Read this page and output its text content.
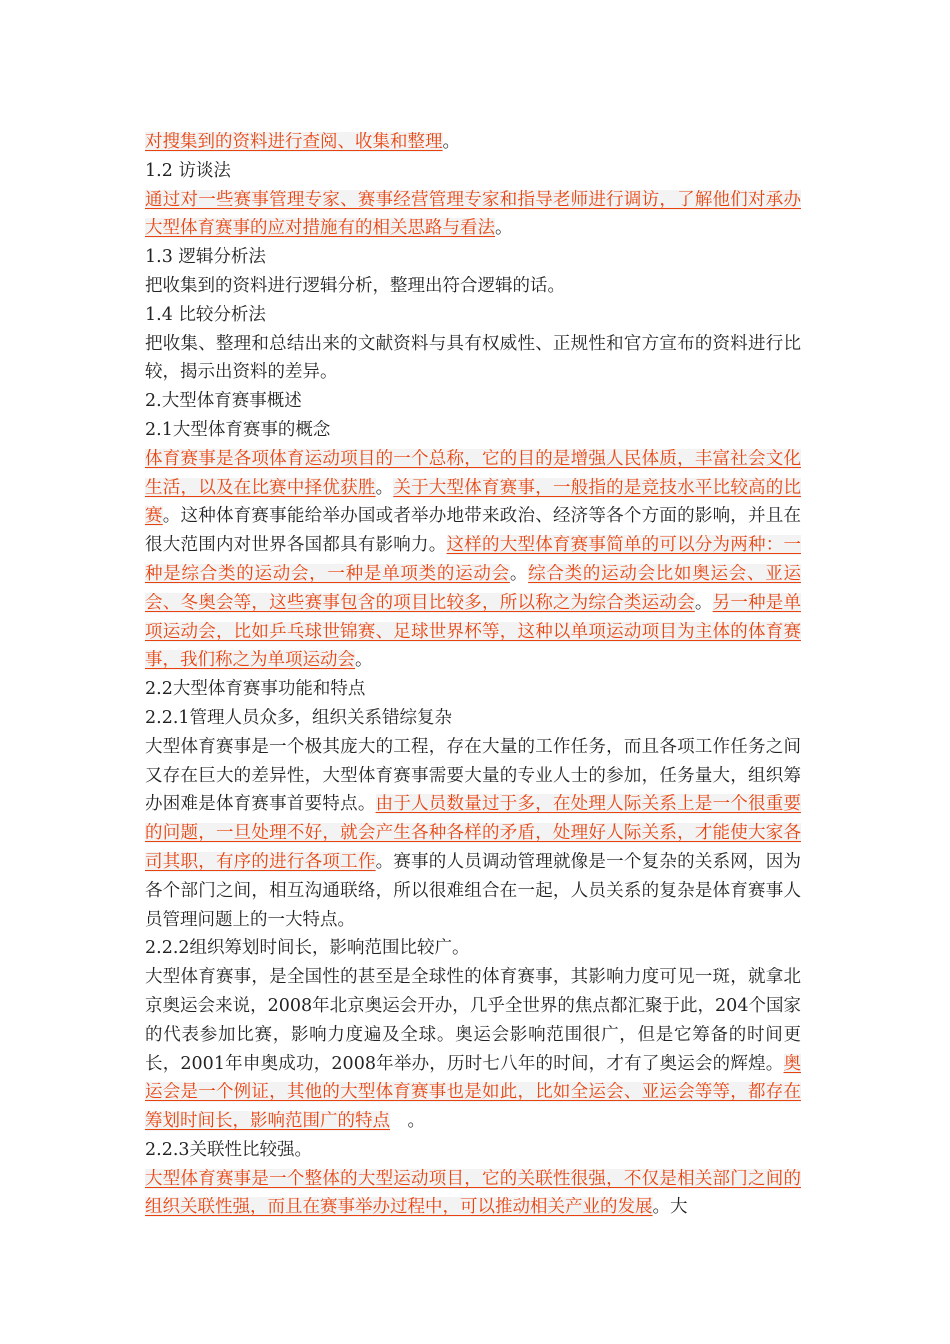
对搜集到的资料进行查阅、收集和整理。

1.2 访谈法

通过对一些赛事管理专家、赛事经营管理专家和指导老师进行调访，了解他们对承办大型体育赛事的应对措施有的相关思路与看法。

1.3 逻辑分析法

把收集到的资料进行逻辑分析，整理出符合逻辑的话。

1.4 比较分析法

把收集、整理和总结出来的文献资料与具有权威性、正规性和官方宣布的资料进行比较，揭示出资料的差异。

2.大型体育赛事概述

2.1大型体育赛事的概念

体育赛事是各项体育运动项目的一个总称，它的目的是增强人民体质，丰富社会文化生活，以及在比赛中择优获胜。关于大型体育赛事，一般指的是竞技水平比较高的比赛。这种体育赛事能给举办国或者举办地带来政治、经济等各个方面的影响，并且在很大范围内对世界各国都具有影响力。这样的大型体育赛事简单的可以分为两种：一种是综合类的运动会，一种是单项类的运动会。综合类的运动会比如奥运会、亚运会、冬奥会等，这些赛事包含的项目比较多，所以称之为综合类运动会。另一种是单项运动会，比如乒乓球世锦赛、足球世界杯等，这种以单项运动项目为主体的体育赛事，我们称之为单项运动会。

2.2大型体育赛事功能和特点

2.2.1管理人员众多，组织关系错综复杂

大型体育赛事是一个极其庞大的工程，存在大量的工作任务，而且各项工作任务之间又存在巨大的差异性，大型体育赛事需要大量的专业人士的参加，任务量大，组织筹办困难是体育赛事首要特点。由于人员数量过于多，在处理人际关系上是一个很重要的问题，一旦处理不好，就会产生各种各样的矛盾，处理好人际关系，才能使大家各司其职，有序的进行各项工作。赛事的人员调动管理就像是一个复杂的关系网，因为各个部门之间，相互沟通联络，所以很难组合在一起，人员关系的复杂是体育赛事人员管理问题上的一大特点。

2.2.2组织筹划时间长，影响范围比较广。

大型体育赛事，是全国性的甚至是全球性的体育赛事，其影响力度可见一斑，就拿北京奥运会来说，2008年北京奥运会开办，几乎全世界的焦点都汇聚于此，204个国家的代表参加比赛，影响力度遍及全球。奥运会影响范围很广，但是它筹备的时间更长，2001年申奥成功，2008年举办，历时七八年的时间，才有了奥运会的辉煌。奥运会是一个例证，其他的大型体育赛事也是如此，比如全运会、亚运会等等，都存在筹划时间长，影响范围广的特点　。

2.2.3关联性比较强。

大型体育赛事是一个整体的大型运动项目，它的关联性很强，不仅是相关部门之间的组织关联性强，而且在赛事举办过程中，可以推动相关产业的发展。大
